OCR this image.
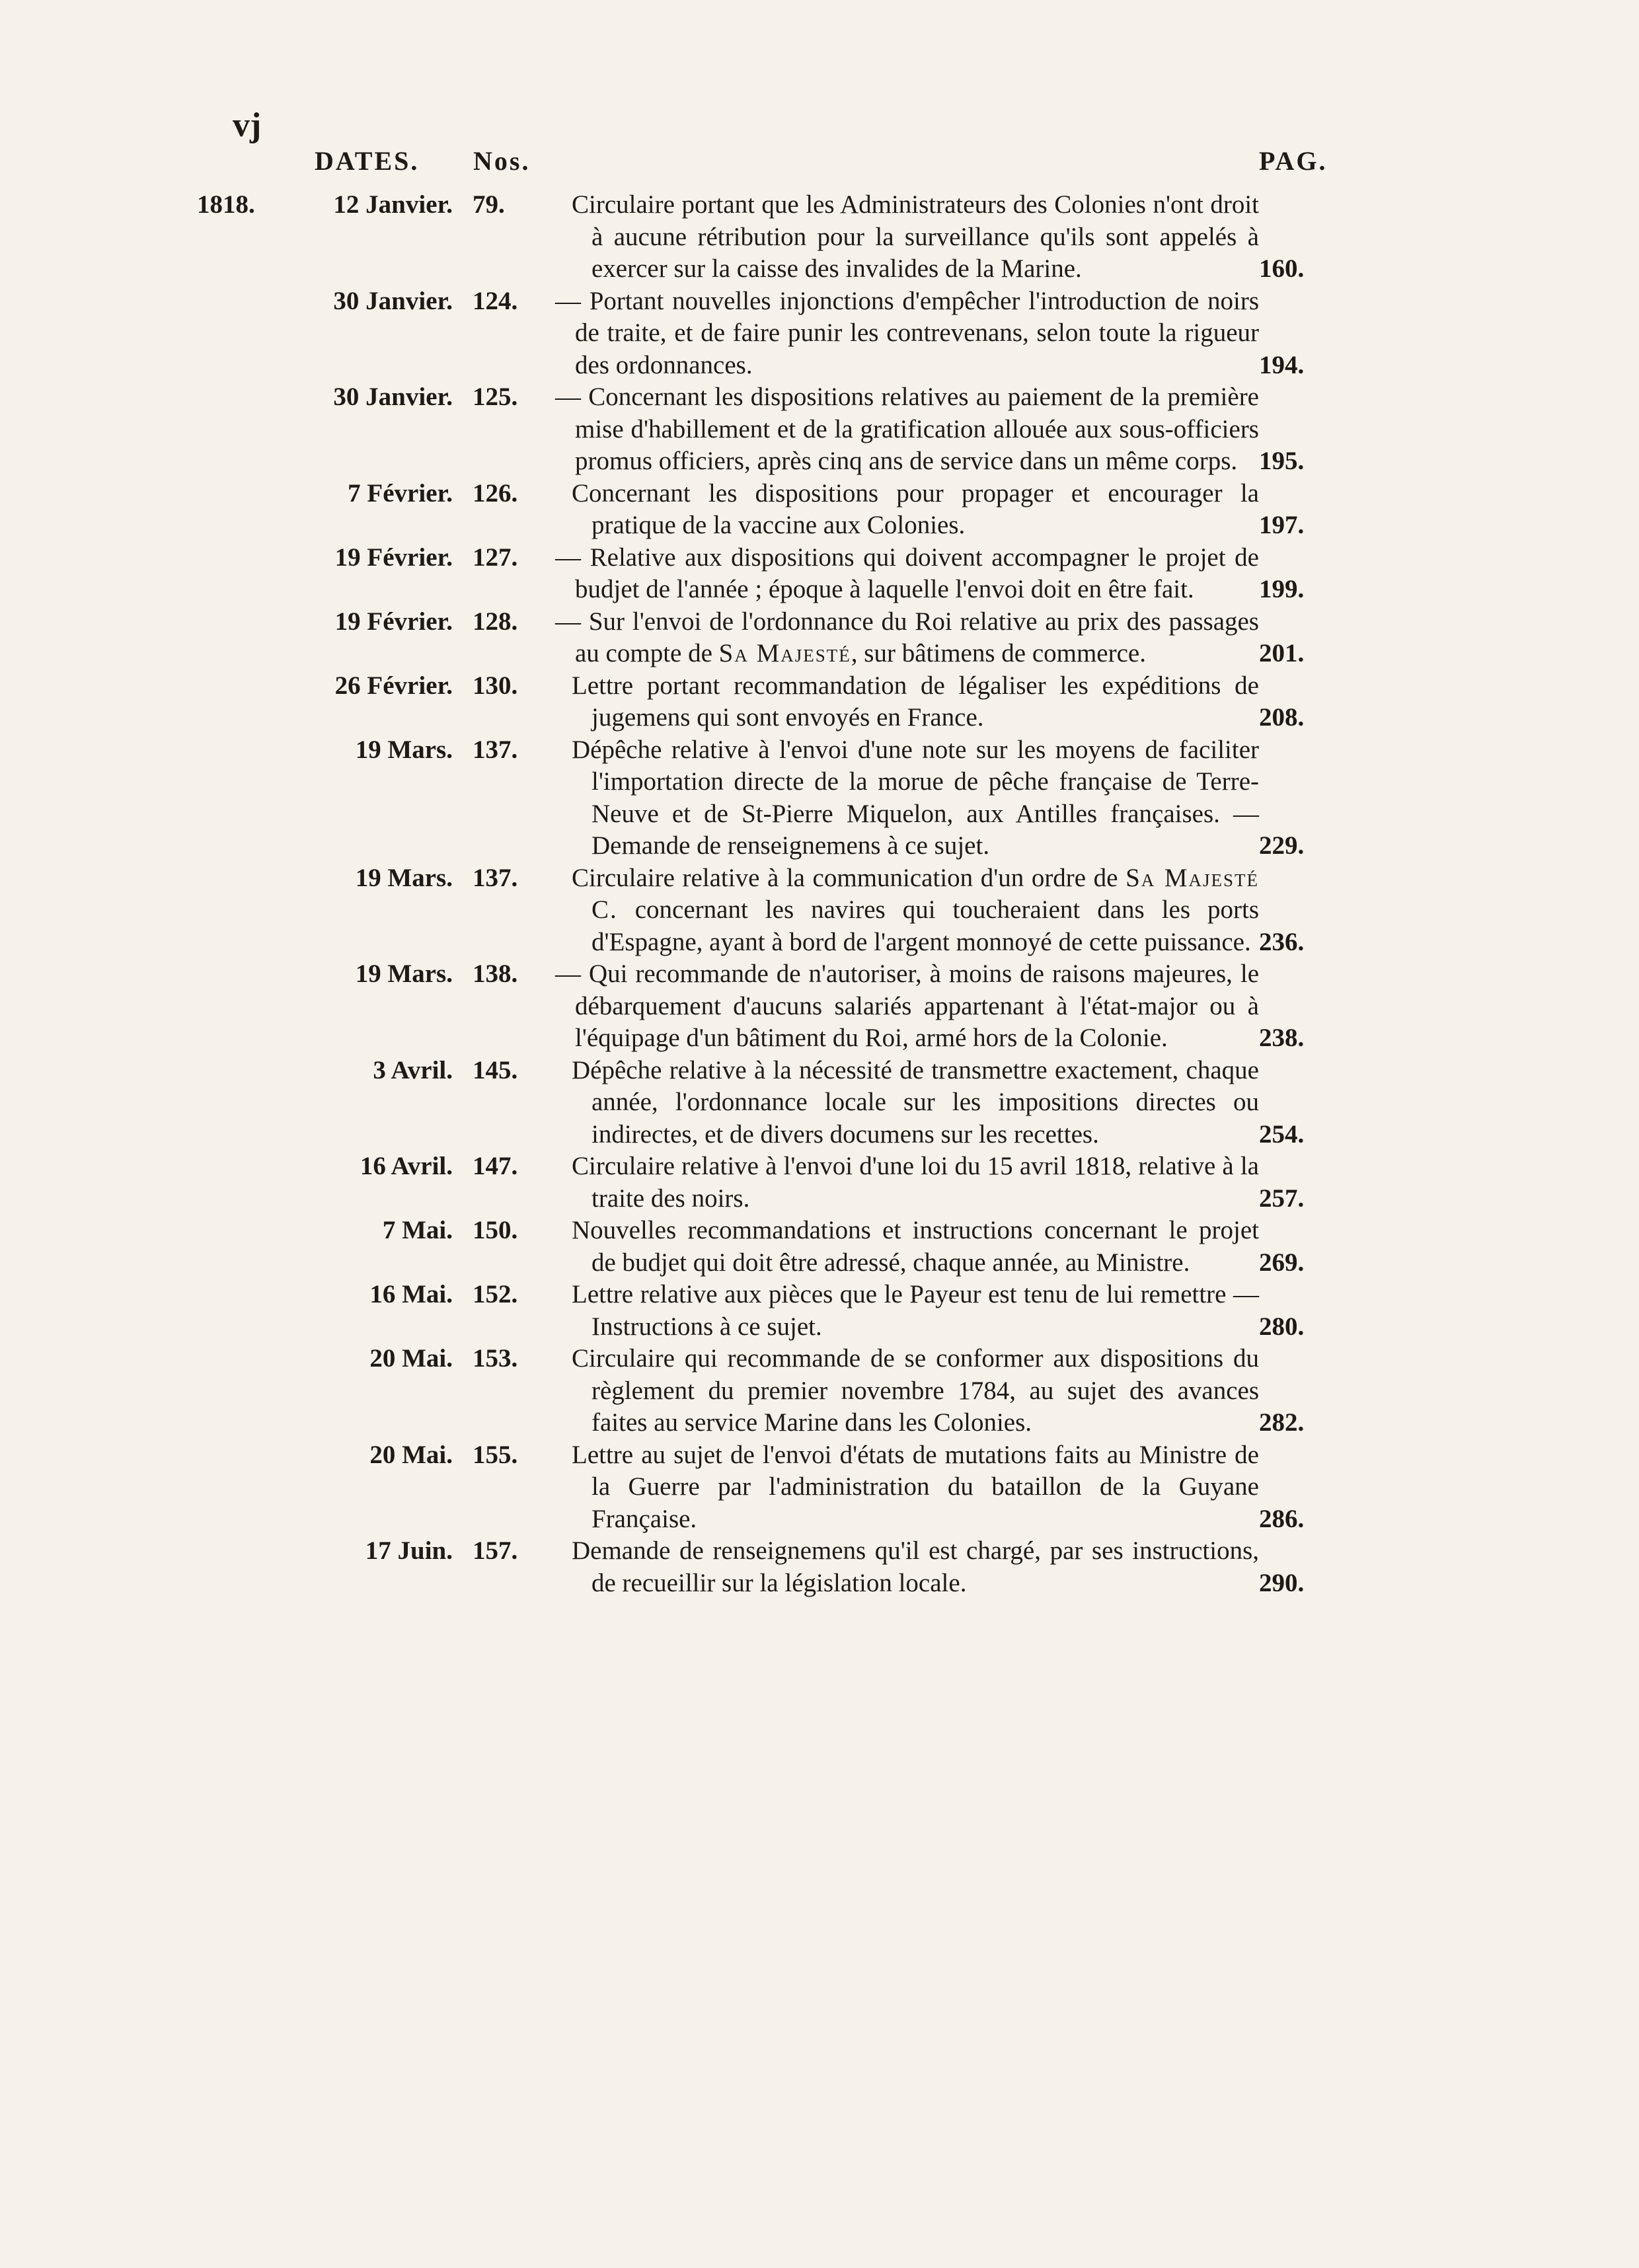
vj
DATES. Nos.	PAG.
1818.	12 Janvier. 79.	Circulaire portant que les Administrateurs des Colonies n'ont droit à aucune rétribution pour la surveillance qu'ils sont appelés à exercer sur la caisse des invalides de la Marine.	160.
30 Janvier. 124. — Portant nouvelles injonctions d'empêcher l'introduction de noirs de traite, et de faire punir les contrevenans, selon toute la rigueur des ordonnances.	194.
30 Janvier. 125. — Concernant les dispositions relatives au paiement de la première mise d'habillement et de la gratification allouée aux sous-officiers promus officiers, après cinq ans de service dans un même corps. 195.
7 Février. 126. Concernant les dispositions pour propager et encourager la pratique de la vaccine aux Colonies.	197.
19 Février. 127. — Relative aux dispositions qui doivent accompagner le projet de budjet de l'année ; époque à laquelle l'envoi doit en être fait.	199.
19 Février. 128. — Sur l'envoi de l'ordonnance du Roi relative au prix des passages au compte de Sa Majesté, sur bâtimens de commerce.	201.
26 Février. 130. Lettre portant recommandation de légaliser les expéditions de jugemens qui sont envoyés en France.	208.
19 Mars. 137. Dépêche relative à l'envoi d'une note sur les moyens de faciliter l'importation directe de la morue de pêche française de Terre-Neuve et de St-Pierre Miquelon, aux Antilles françaises. — Demande de renseignemens à ce sujet.	229.
19 Mars. 137. Circulaire relative à la communication d'un ordre de Sa Majesté C. concernant les navires qui toucheraient dans les ports d'Espagne, ayant à bord de l'argent monnoyé de cette puissance. 236.
19 Mars. 138. — Qui recommande de n'autoriser, à moins de raisons majeures, le débarquement d'aucuns salariés appartenant à l'état-major ou à l'équipage d'un bâtiment du Roi, armé hors de la Colonie.	238.
3 Avril. 145. Dépêche relative à la nécessité de transmettre exactement, chaque année, l'ordonnance locale sur les impositions directes ou indirectes, et de divers documens sur les recettes.	254.
16 Avril. 147. Circulaire relative à l'envoi d'une loi du 15 avril 1818, relative à la traite des noirs.	257.
7 Mai. 150. Nouvelles recommandations et instructions concernant le projet de budjet qui doit être adressé, chaque année, au Ministre.	269.
16 Mai. 152. Lettre relative aux pièces que le Payeur est tenu de lui remettre — Instructions à ce sujet.	280.
20 Mai. 153. Circulaire qui recommande de se conformer aux dispositions du règlement du premier novembre 1784, au sujet des avances faites au service Marine dans les Colonies.	282.
20 Mai. 155. Lettre au sujet de l'envoi d'états de mutations faits au Ministre de la Guerre par l'administration du bataillon de la Guyane Française.	286.
17 Juin. 157. Demande de renseignemens qu'il est chargé, par ses instructions, de recueillir sur la législation locale.	290.
